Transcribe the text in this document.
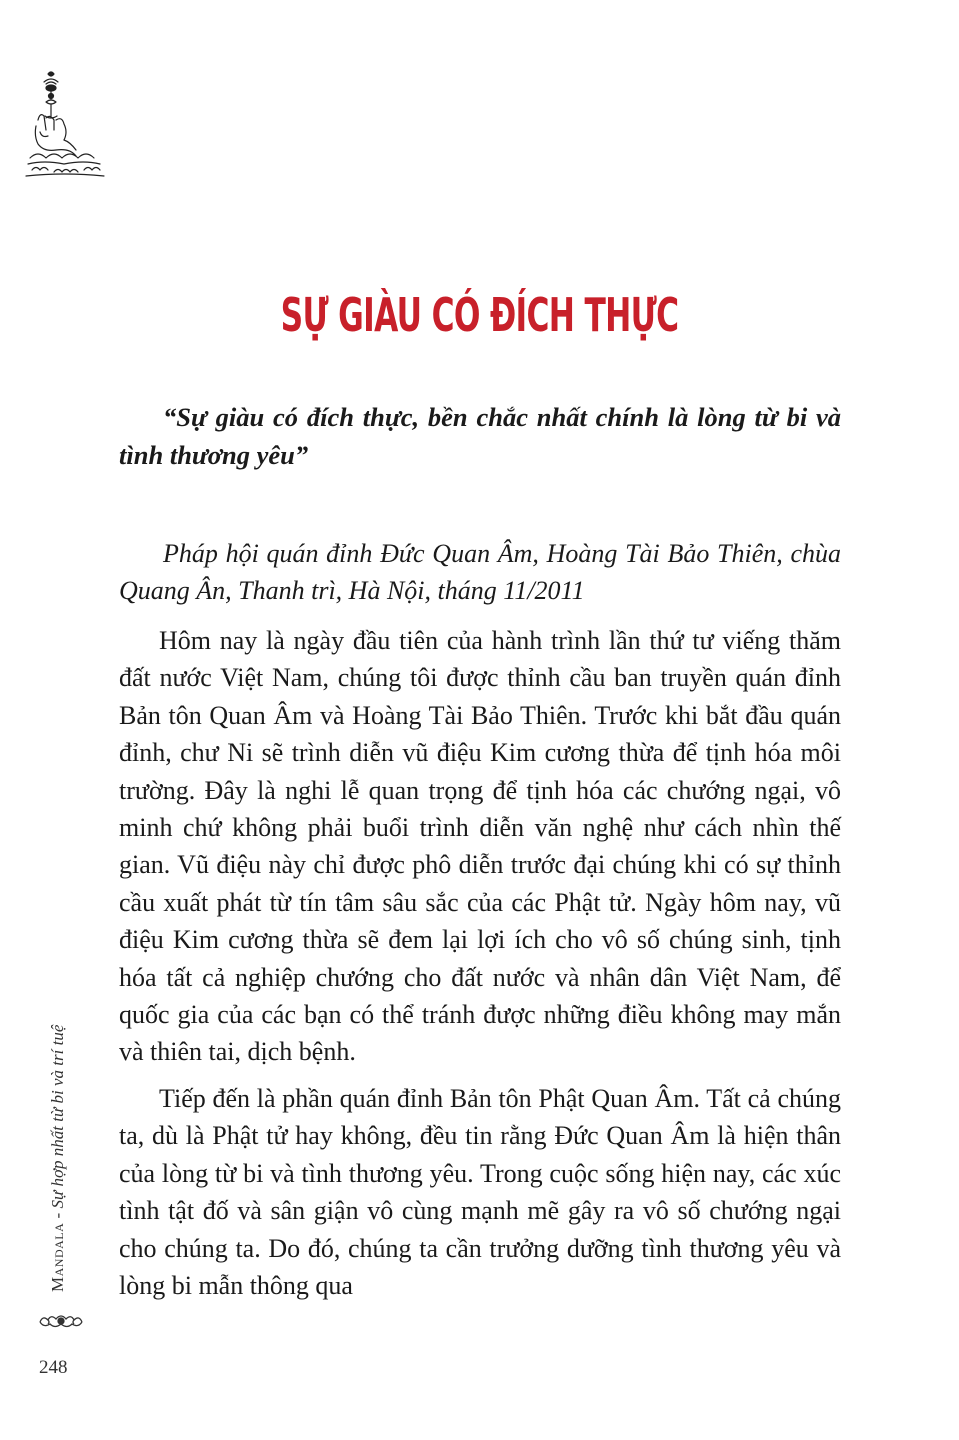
SỰ GIÀU CÓ ĐÍCH THỰC

“Sự giàu có đích thực, bền chắc nhất chính là lòng từ bi và tình thương yêu”

Pháp hội quán đỉnh Đức Quan Âm, Hoàng Tài Bảo Thiên, chùa Quang Ân, Thanh trì, Hà Nội, tháng 11/2011

Hôm nay là ngày đầu tiên của hành trình lần thứ tư viếng thăm đất nước Việt Nam, chúng tôi được thỉnh cầu ban truyền quán đỉnh Bản tôn Quan Âm và Hoàng Tài Bảo Thiên. Trước khi bắt đầu quán đỉnh, chư Ni sẽ trình diễn vũ điệu Kim cương thừa để tịnh hóa môi trường. Đây là nghi lễ quan trọng để tịnh hóa các chướng ngại, vô minh chứ không phải buổi trình diễn văn nghệ như cách nhìn thế gian. Vũ điệu này chỉ được phô diễn trước đại chúng khi có sự thỉnh cầu xuất phát từ tín tâm sâu sắc của các Phật tử. Ngày hôm nay, vũ điệu Kim cương thừa sẽ đem lại lợi ích cho vô số chúng sinh, tịnh hóa tất cả nghiệp chướng cho đất nước và nhân dân Việt Nam, để quốc gia của các bạn có thể tránh được những điều không may mắn và thiên tai, dịch bệnh.

Tiếp đến là phần quán đỉnh Bản tôn Phật Quan Âm. Tất cả chúng ta, dù là Phật tử hay không, đều tin rằng Đức Quan Âm là hiện thân của lòng từ bi và tình thương yêu. Trong cuộc sống hiện nay, các xúc tình tật đố và sân giận vô cùng mạnh mẽ gây ra vô số chướng ngại cho chúng ta. Do đó, chúng ta cần trưởng dưỡng tình thương yêu và lòng bi mẫn thông qua

Mandala - Sự hợp nhất từ bi và trí tuệ
248
